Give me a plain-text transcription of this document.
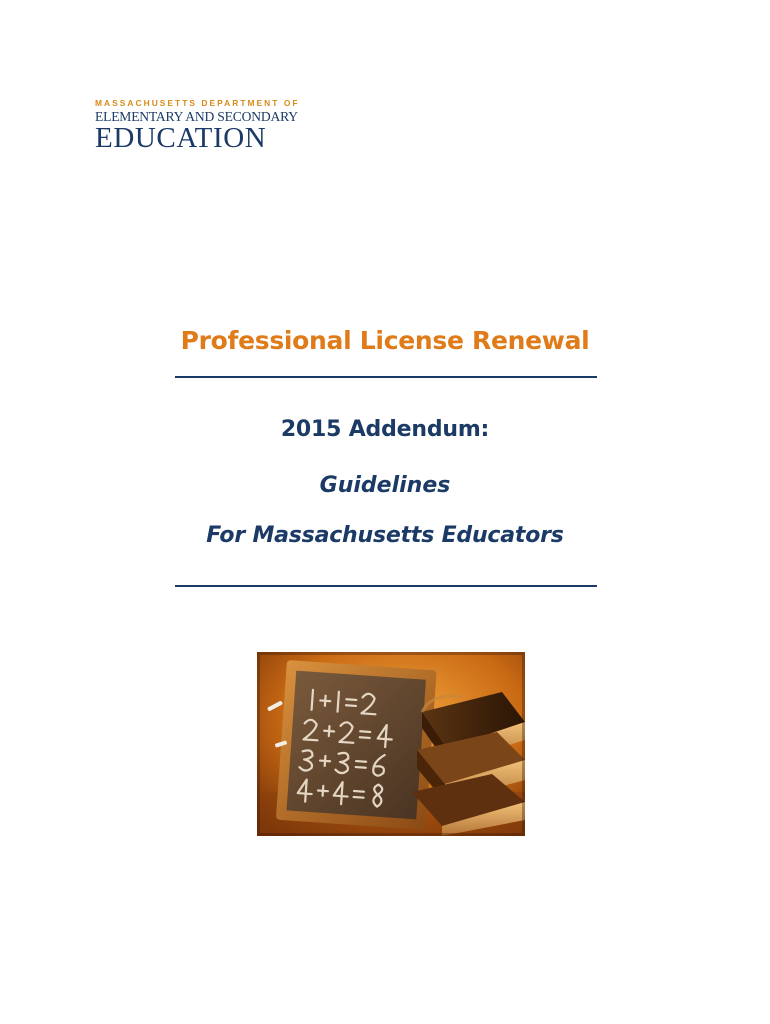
MASSACHUSETTS DEPARTMENT OF
ELEMENTARY AND SECONDARY
EDUCATION
Professional License Renewal
2015 Addendum:
Guidelines
For Massachusetts Educators
